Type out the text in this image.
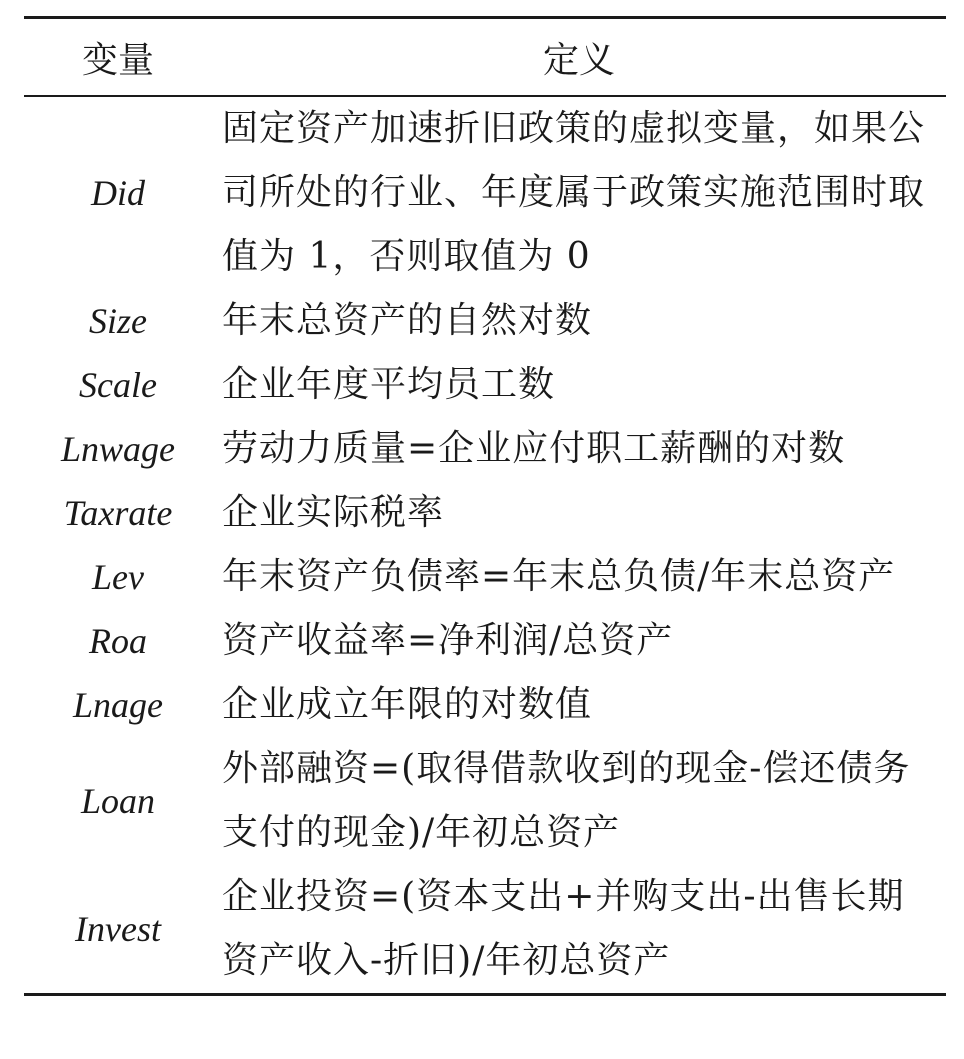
变量	定义
Did	固定资产加速折旧政策的虚拟变量，如果公
司所处的行业、年度属于政策实施范围时取
值为 1，否则取值为 0

Size	年末总资产的自然对数

Scale	企业年度平均员工数

Lnwage	劳动力质量=企业应付职工薪酬的对数

Taxrate	企业实际税率

Lev	年末资产负债率=年末总负债/年末总资产

Roa	资产收益率=净利润/总资产

Lnage	企业成立年限的对数值

Loan	外部融资=(取得借款收到的现金-偿还债务
支付的现金)/年初总资产

Invest	企业投资=(资本支出+并购支出-出售长期
资产收入-折旧)/年初总资产
